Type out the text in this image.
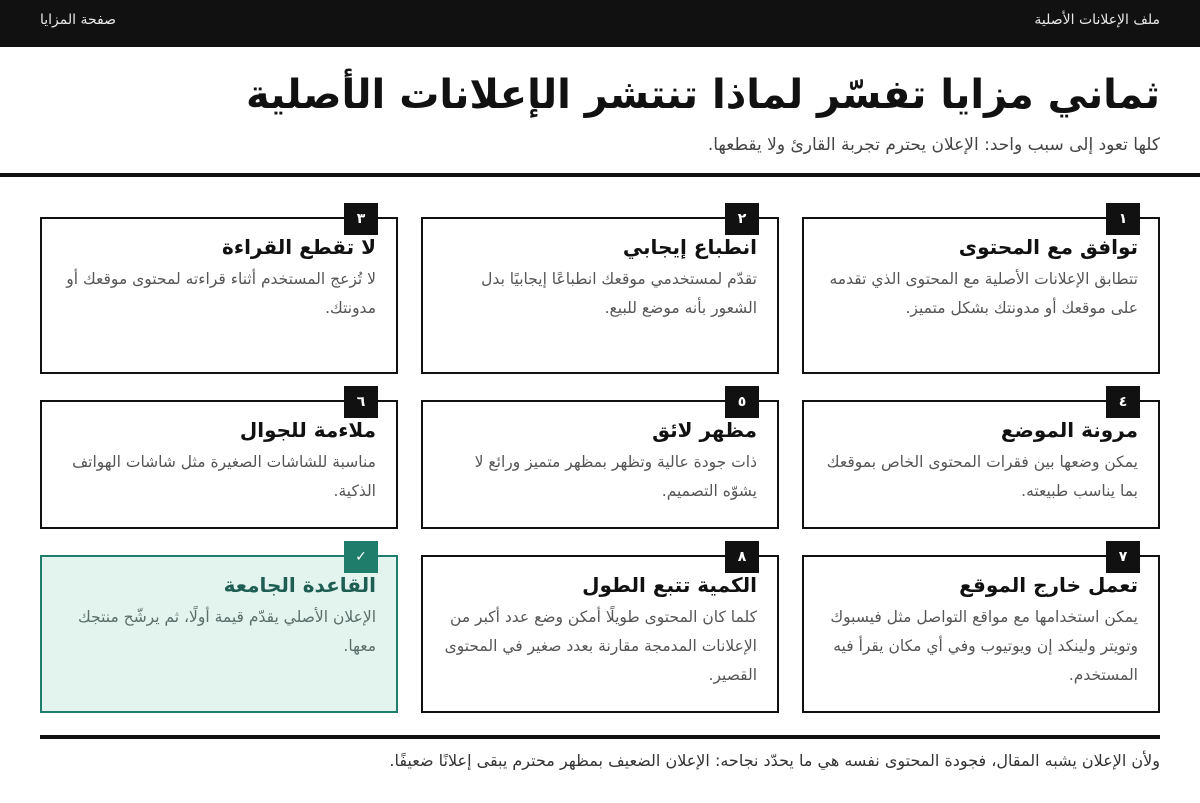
ملف الإعلانات الأصلية
صفحة المزايا
ثماني مزايا تفسّر لماذا تنتشر الإعلانات الأصلية
كلها تعود إلى سبب واحد: الإعلان يحترم تجربة القارئ ولا يقطعها.
١
توافق مع المحتوى

تتطابق الإعلانات الأصلية مع المحتوى الذي تقدمه على موقعك أو مدونتك بشكل متميز.

٢
انطباع إيجابي

تقدّم لمستخدمي موقعك انطباعًا إيجابيًا بدل الشعور بأنه موضع للبيع.

٣
لا تقطع القراءة

لا تُزعج المستخدم أثناء قراءته لمحتوى موقعك أو مدونتك.

٤
مرونة الموضع

يمكن وضعها بين فقرات المحتوى الخاص بموقعك بما يناسب طبيعته.

٥
مظهر لائق

ذات جودة عالية وتظهر بمظهر متميز ورائع لا يشوّه التصميم.

٦
ملاءمة للجوال

مناسبة للشاشات الصغيرة مثل شاشات الهواتف الذكية.

٧
تعمل خارج الموقع

يمكن استخدامها مع مواقع التواصل مثل فيسبوك وتويتر ولينكد إن ويوتيوب وفي أي مكان يقرأ فيه المستخدم.

٨
الكمية تتبع الطول

كلما كان المحتوى طويلًا أمكن وضع عدد أكبر من الإعلانات المدمجة مقارنة بعدد صغير في المحتوى القصير.

✓
القاعدة الجامعة

الإعلان الأصلي يقدّم قيمة أولًا، ثم يرشّح منتجك معها.

ولأن الإعلان يشبه المقال، فجودة المحتوى نفسه هي ما يحدّد نجاحه: الإعلان الضعيف بمظهر محترم يبقى إعلانًا ضعيفًا.
